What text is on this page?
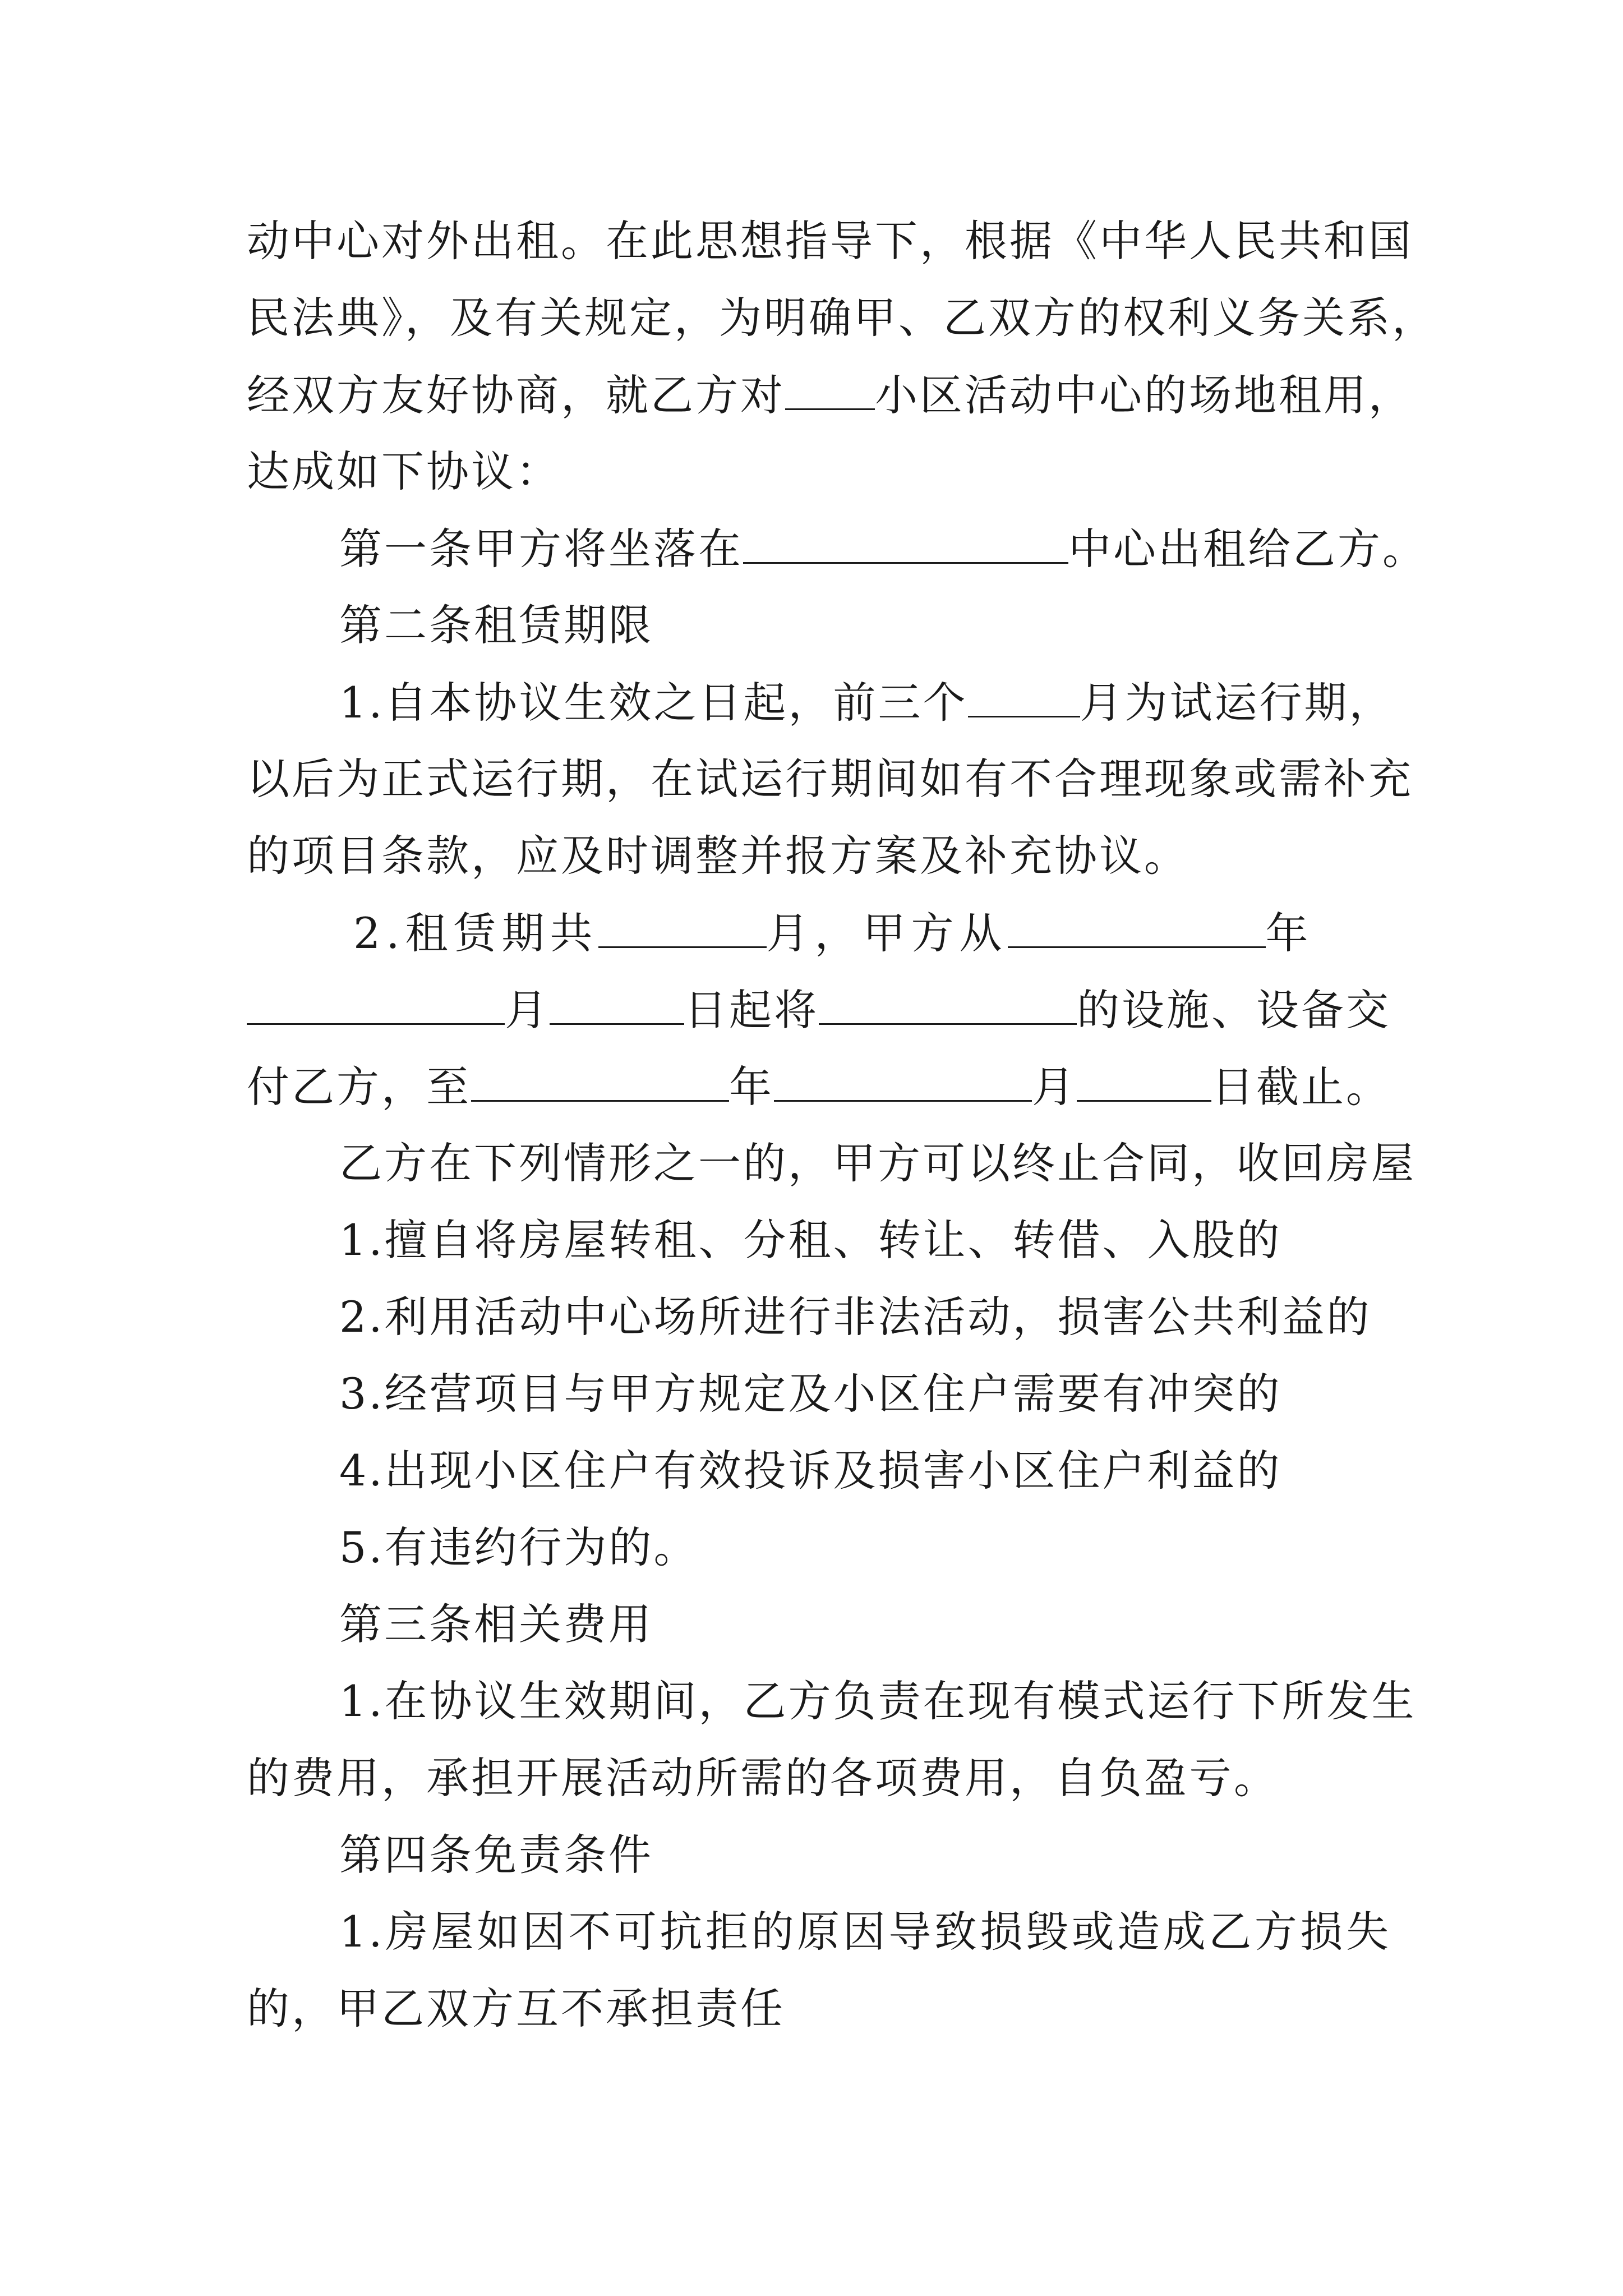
动中心对外出租。在此思想指导下，根据《中华人民共和国
民法典》，及有关规定，为明确甲、乙双方的权利义务关系，
经双方友好协商，就乙方对 小区活动中心的场地租用，
达成如下协议：
第一条甲方将坐落在	中心出租给乙方。
第二条租赁期限
1.自本协议生效之日起，前三个	月为试运行期，
以后为正式运行期，在试运行期间如有不合理现象或需补充
的项目条款，应及时调整并报方案及补充协议。
2.租赁期共	月，甲方从	年
月	日起将	的设施、设备交
付乙方，至	年	月	日截止。
乙方在下列情形之一的，甲方可以终止合同，收回房屋
1.擅自将房屋转租、分租、转让、转借、入股的
2.利用活动中心场所进行非法活动，损害公共利益的
3.经营项目与甲方规定及小区住户需要有冲突的
4.出现小区住户有效投诉及损害小区住户利益的
5.有违约行为的。
第三条相关费用
1.在协议生效期间，乙方负责在现有模式运行下所发生
的费用，承担开展活动所需的各项费用，自负盈亏。
第四条免责条件
1.房屋如因不可抗拒的原因导致损毁或造成乙方损失
的，甲乙双方互不承担责任
